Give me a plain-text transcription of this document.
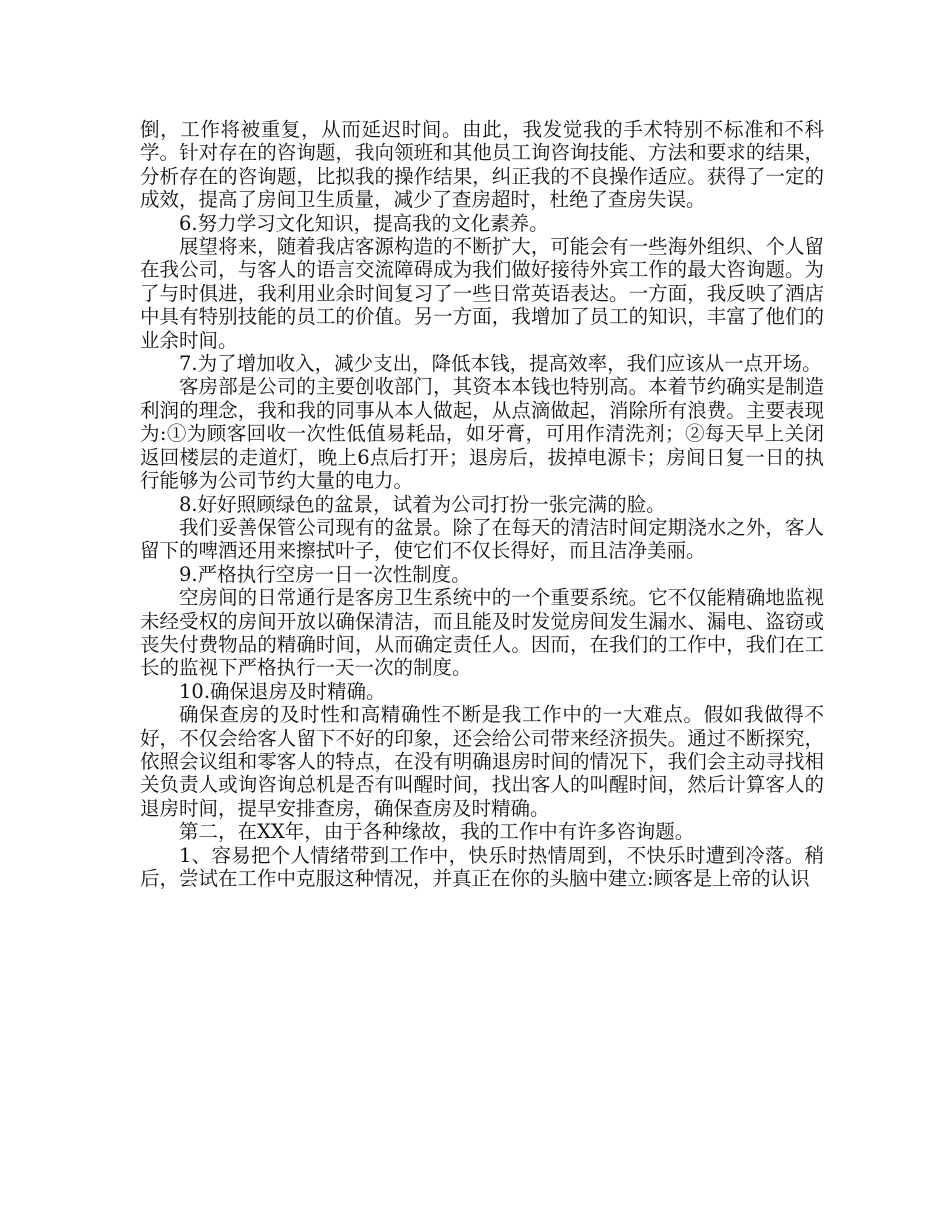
倒，工作将被重复，从而延迟时间。由此，我发觉我的手术特别不标准和不科学。针对存在的咨询题，我向领班和其他员工询咨询技能、方法和要求的结果，分析存在的咨询题，比拟我的操作结果，纠正我的不良操作适应。获得了一定的成效，提高了房间卫生质量，减少了查房超时，杜绝了查房失误。

6.努力学习文化知识，提高我的文化素养。

展望将来，随着我店客源构造的不断扩大，可能会有一些海外组织、个人留在我公司，与客人的语言交流障碍成为我们做好接待外宾工作的最大咨询题。为了与时俱进，我利用业余时间复习了一些日常英语表达。一方面，我反映了酒店中具有特别技能的员工的价值。另一方面，我增加了员工的知识，丰富了他们的业余时间。

7.为了增加收入，减少支出，降低本钱，提高效率，我们应该从一点开场。

客房部是公司的主要创收部门，其资本本钱也特别高。本着节约确实是制造利润的理念，我和我的同事从本人做起，从点滴做起，消除所有浪费。主要表现为:①为顾客回收一次性低值易耗品，如牙膏，可用作清洗剂；②每天早上关闭返回楼层的走道灯，晚上6点后打开；退房后，拔掉电源卡；房间日复一日的执行能够为公司节约大量的电力。

8.好好照顾绿色的盆景，试着为公司打扮一张完满的脸。

我们妥善保管公司现有的盆景。除了在每天的清洁时间定期浇水之外，客人留下的啤酒还用来擦拭叶子，使它们不仅长得好，而且洁净美丽。

9.严格执行空房一日一次性制度。

空房间的日常通行是客房卫生系统中的一个重要系统。它不仅能精确地监视未经受权的房间开放以确保清洁，而且能及时发觉房间发生漏水、漏电、盗窃或丧失付费物品的精确时间，从而确定责任人。因而，在我们的工作中，我们在工长的监视下严格执行一天一次的制度。

10.确保退房及时精确。

确保查房的及时性和高精确性不断是我工作中的一大难点。假如我做得不好，不仅会给客人留下不好的印象，还会给公司带来经济损失。通过不断探究，依照会议组和零客人的特点，在没有明确退房时间的情况下，我们会主动寻找相关负责人或询咨询总机是否有叫醒时间，找出客人的叫醒时间，然后计算客人的退房时间，提早安排查房，确保查房及时精确。

第二，在XX年，由于各种缘故，我的工作中有许多咨询题。

1、容易把个人情绪带到工作中，快乐时热情周到，不快乐时遭到冷落。稍后，尝试在工作中克服这种情况，并真正在你的头脑中建立:顾客是上帝的认识
